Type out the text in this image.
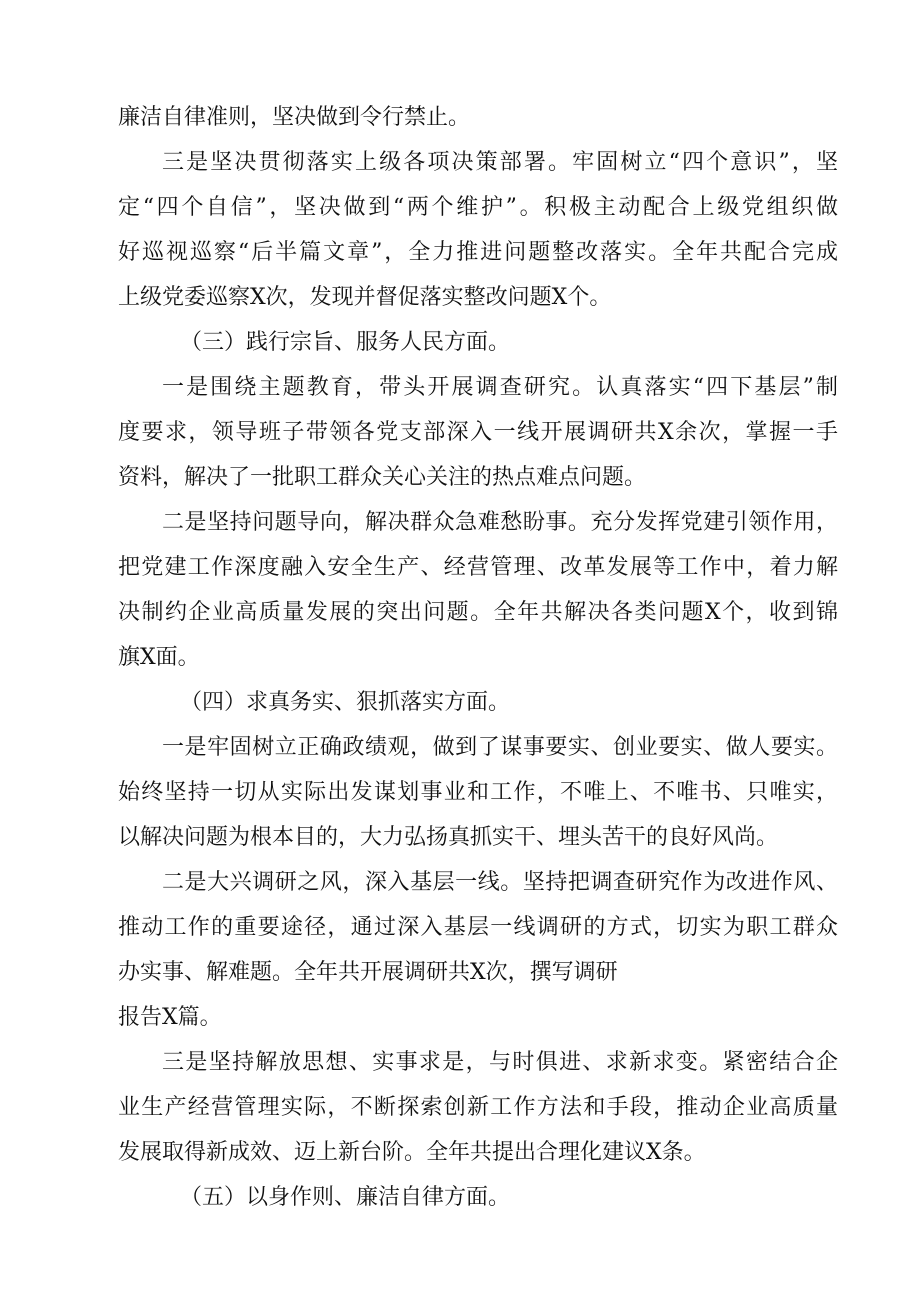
廉洁自律准则，坚决做到令行禁止。
三是坚决贯彻落实上级各项决策部署。牢固树立“四个意识”，坚
定“四个自信”，坚决做到“两个维护”。积极主动配合上级党组织做
好巡视巡察“后半篇文章”，全力推进问题整改落实。全年共配合完成
上级党委巡察X次，发现并督促落实整改问题X个。
（三）践行宗旨、服务人民方面。
一是围绕主题教育，带头开展调查研究。认真落实“四下基层”制
度要求，领导班子带领各党支部深入一线开展调研共X余次，掌握一手
资料，解决了一批职工群众关心关注的热点难点问题。
二是坚持问题导向，解决群众急难愁盼事。充分发挥党建引领作用，
把党建工作深度融入安全生产、经营管理、改革发展等工作中，着力解
决制约企业高质量发展的突出问题。全年共解决各类问题X个，收到锦
旗X面。
（四）求真务实、狠抓落实方面。
一是牢固树立正确政绩观，做到了谋事要实、创业要实、做人要实。
始终坚持一切从实际出发谋划事业和工作，不唯上、不唯书、只唯实，
以解决问题为根本目的，大力弘扬真抓实干、埋头苦干的良好风尚。
二是大兴调研之风，深入基层一线。坚持把调查研究作为改进作风、
推动工作的重要途径，通过深入基层一线调研的方式，切实为职工群众
办实事、解难题。全年共开展调研共X次，撰写调研
报告X篇。
三是坚持解放思想、实事求是，与时俱进、求新求变。紧密结合企
业生产经营管理实际，不断探索创新工作方法和手段，推动企业高质量
发展取得新成效、迈上新台阶。全年共提出合理化建议X条。
（五）以身作则、廉洁自律方面。
